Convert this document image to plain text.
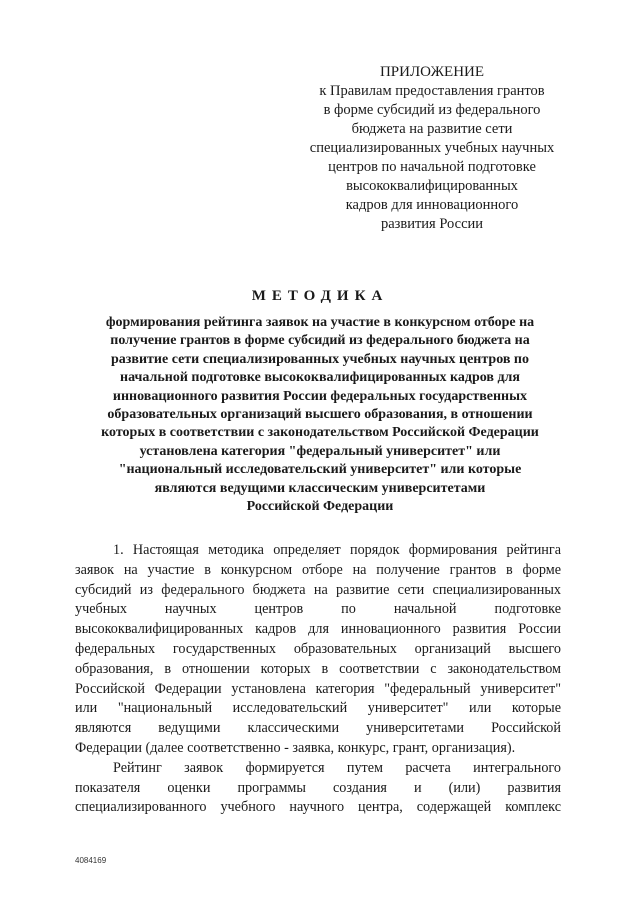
ПРИЛОЖЕНИЕ
к Правилам предоставления грантов
в форме субсидий из федерального
бюджета на развитие сети
специализированных учебных научных
центров по начальной подготовке
высококвалифицированных
кадров для инновационного
развития России
МЕТОДИКА
формирования рейтинга заявок на участие в конкурсном отборе на
получение грантов в форме субсидий из федерального бюджета на
развитие сети специализированных учебных научных центров по
начальной подготовке высококвалифицированных кадров для
инновационного развития России федеральных государственных
образовательных организаций высшего образования, в отношении
которых в соответствии с законодательством Российской Федерации
установлена категория "федеральный университет" или
"национальный исследовательский университет" или которые
являются ведущими классическим университетами
Российской Федерации
1. Настоящая методика определяет порядок формирования рейтинга
заявок на участие в конкурсном отборе на получение грантов в форме
субсидий из федерального бюджета на развитие сети специализированных
учебных научных центров по начальной подготовке
высококвалифицированных кадров для инновационного развития России
федеральных государственных образовательных организаций высшего
образования, в отношении которых в соответствии с законодательством
Российской Федерации установлена категория "федеральный университет"
или "национальный исследовательский университет" или которые
являются ведущими классическими университетами Российской
Федерации (далее соответственно - заявка, конкурс, грант, организация).
Рейтинг заявок формируется путем расчета интегрального
показателя оценки программы создания и (или) развития
специализированного учебного научного центра, содержащей комплекс
4084169
